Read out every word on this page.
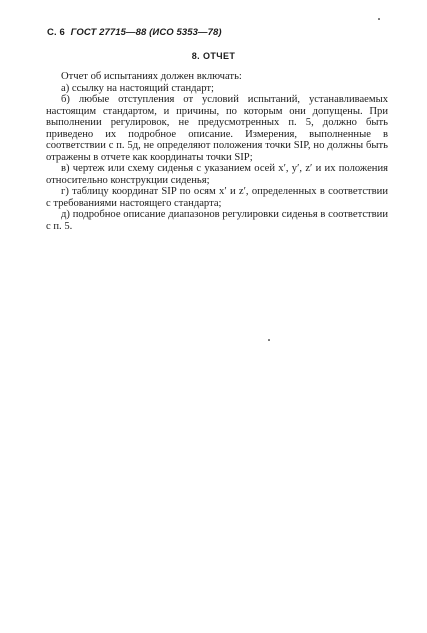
С. 6 ГОСТ 27715—88 (ИСО 5353—78)
8. ОТЧЕТ

Отчет об испытаниях должен включать:

а) ссылку на настоящий стандарт;

б) любые отступления от условий испытаний, устанавливаемых настоящим стандартом, и причины, по которым они допущены. При выполнении регулировок, не предусмотренных п. 5, должно быть приведено их подробное описание. Измерения, выполненные в соответствии с п. 5д, не определяют положения точки SIP, но должны быть отражены в отчете как координаты точки SIP;

в) чертеж или схему сиденья с указанием осей x′, y′, z′ и их положения относительно конструкции сиденья;

г) таблицу координат SIP по осям x′ и z′, определенных в соответствии с требованиями настоящего стандарта;

д) подробное описание диапазонов регулировки сиденья в соответствии с п. 5.
